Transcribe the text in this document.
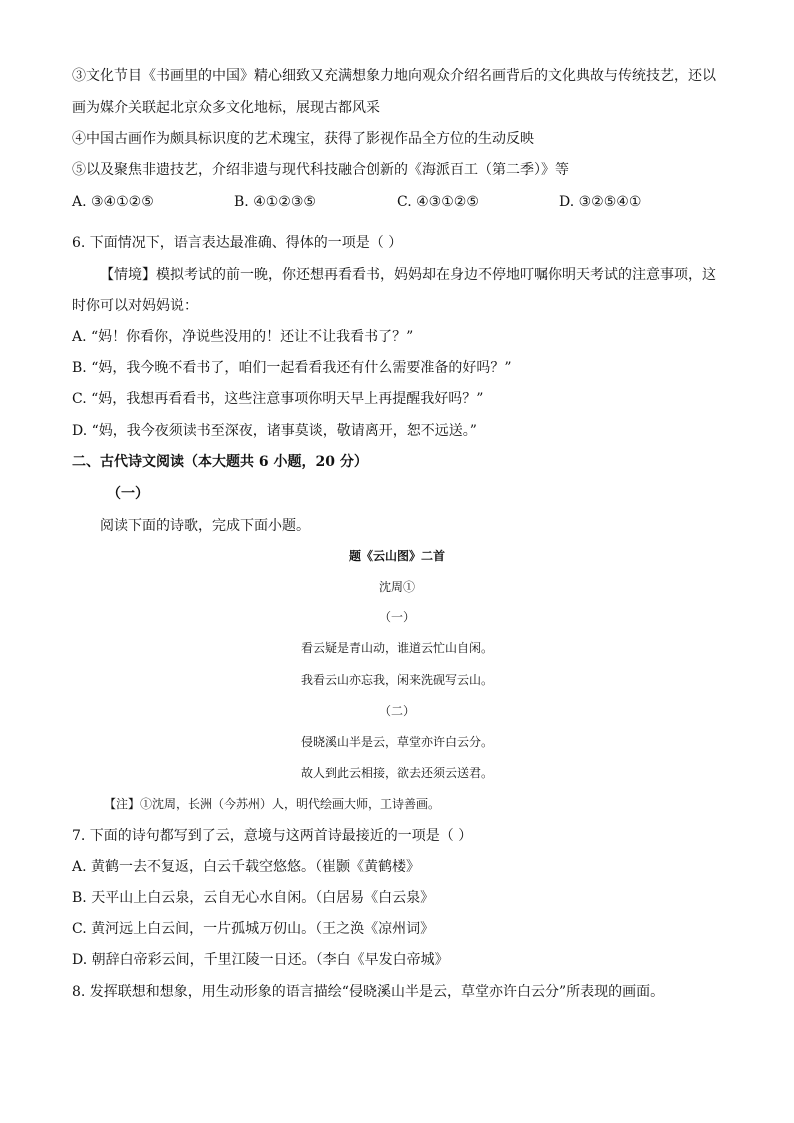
③文化节目《书画里的中国》精心细致又充满想象力地向观众介绍名画背后的文化典故与传统技艺，还以
画为媒介关联起北京众多文化地标，展现古都风采
④中国古画作为颇具标识度的艺术瑰宝，获得了影视作品全方位的生动反映
⑤以及聚焦非遗技艺，介绍非遗与现代科技融合创新的《海派百工（第二季）》等
A. ③④①②⑤	B. ④①②③⑤	C. ④③①②⑤	D. ③②⑤④①
6. 下面情况下，语言表达最准确、得体的一项是（ ）
【情境】模拟考试的前一晚，你还想再看看书，妈妈却在身边不停地叮嘱你明天考试的注意事项，这
时你可以对妈妈说：
A. “妈！你看你，净说些没用的！还让不让我看书了？”
B. “妈，我今晚不看书了，咱们一起看看我还有什么需要准备的好吗？”
C. “妈，我想再看看书，这些注意事项你明天早上再提醒我好吗？”
D. “妈，我今夜须读书至深夜，诸事莫谈，敬请离开，恕不远送。”
二、古代诗文阅读（本大题共 6 小题，20 分）
（一）
阅读下面的诗歌，完成下面小题。
题《云山图》二首
沈周①
（一）
看云疑是青山动，谁道云忙山自闲。
我看云山亦忘我，闲来洗砚写云山。
（二）
侵晓溪山半是云，草堂亦许白云分。
故人到此云相接，欲去还须云送君。
【注】①沈周，长洲（今苏州）人，明代绘画大师，工诗善画。
7. 下面的诗句都写到了云，意境与这两首诗最接近的一项是（ ）
A. 黄鹤一去不复返，白云千载空悠悠。（崔颢《黄鹤楼》
B. 天平山上白云泉，云自无心水自闲。（白居易《白云泉》
C. 黄河远上白云间，一片孤城万仞山。（王之涣《凉州词》
D. 朝辞白帝彩云间，千里江陵一日还。（李白《早发白帝城》
8. 发挥联想和想象，用生动形象的语言描绘“侵晓溪山半是云，草堂亦许白云分”所表现的画面。
